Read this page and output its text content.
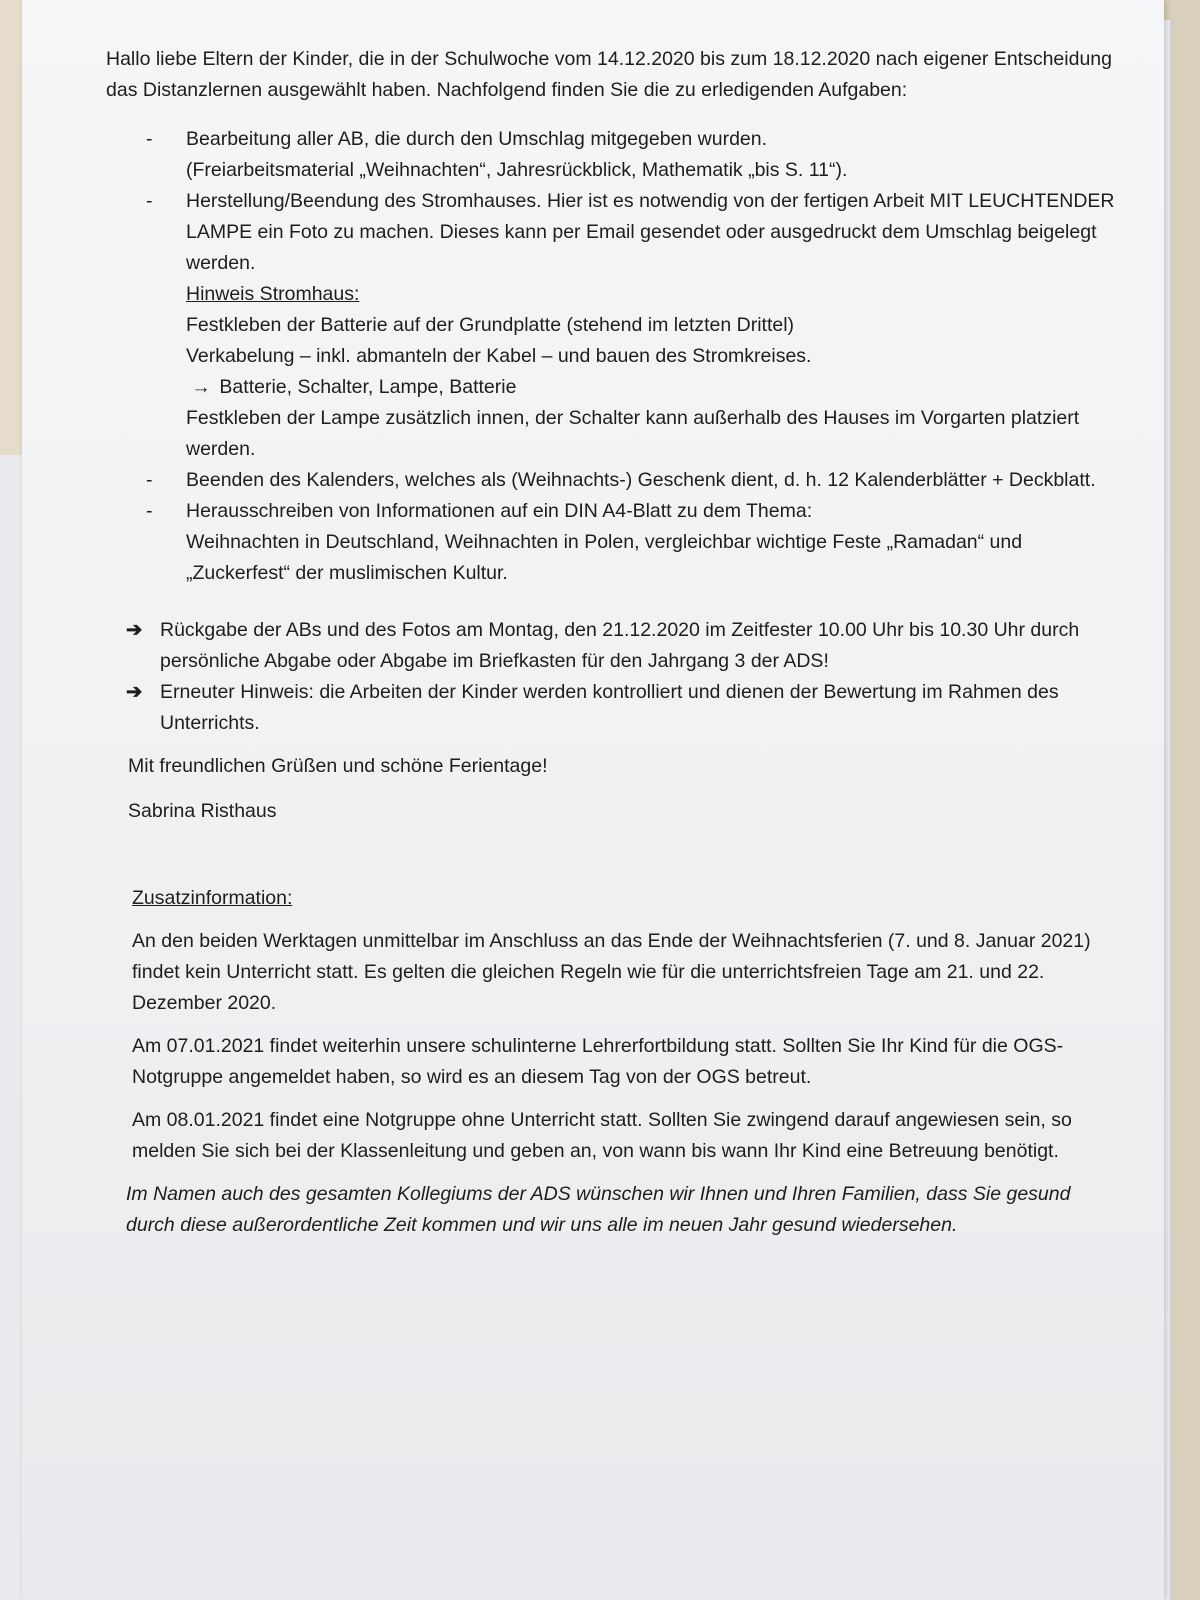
Hallo liebe Eltern der Kinder, die in der Schulwoche vom 14.12.2020 bis zum 18.12.2020 nach eigener Entscheidung das Distanzlernen ausgewählt haben. Nachfolgend finden Sie die zu erledigenden Aufgaben:

- Bearbeitung aller AB, die durch den Umschlag mitgegeben wurden.
(Freiarbeitsmaterial „Weihnachten“, Jahresrückblick, Mathematik „bis S. 11“).
- Herstellung/Beendung des Stromhauses. Hier ist es notwendig von der fertigen Arbeit MIT LEUCHTENDER LAMPE ein Foto zu machen. Dieses kann per Email gesendet oder ausgedruckt dem Umschlag beigelegt werden.
Hinweis Stromhaus:
Festkleben der Batterie auf der Grundplatte (stehend im letzten Drittel)
Verkabelung – inkl. abmanteln der Kabel – und bauen des Stromkreises.
→ Batterie, Schalter, Lampe, Batterie
Festkleben der Lampe zusätzlich innen, der Schalter kann außerhalb des Hauses im Vorgarten platziert werden.
- Beenden des Kalenders, welches als (Weihnachts-) Geschenk dient, d. h. 12 Kalenderblätter + Deckblatt.
- Herausschreiben von Informationen auf ein DIN A4-Blatt zu dem Thema:
Weihnachten in Deutschland, Weihnachten in Polen, vergleichbar wichtige Feste „Ramadan“ und „Zuckerfest“ der muslimischen Kultur.
➔ Rückgabe der ABs und des Fotos am Montag, den 21.12.2020 im Zeitfester 10.00 Uhr bis 10.30 Uhr durch persönliche Abgabe oder Abgabe im Briefkasten für den Jahrgang 3 der ADS!
➔ Erneuter Hinweis: die Arbeiten der Kinder werden kontrolliert und dienen der Bewertung im Rahmen des Unterrichts.

Mit freundlichen Grüßen und schöne Ferientage!

Sabrina Risthaus

Zusatzinformation:

An den beiden Werktagen unmittelbar im Anschluss an das Ende der Weihnachtsferien (7. und 8. Januar 2021) findet kein Unterricht statt. Es gelten die gleichen Regeln wie für die unterrichtsfreien Tage am 21. und 22. Dezember 2020.

Am 07.01.2021 findet weiterhin unsere schulinterne Lehrerfortbildung statt. Sollten Sie Ihr Kind für die OGS-Notgruppe angemeldet haben, so wird es an diesem Tag von der OGS betreut.

Am 08.01.2021 findet eine Notgruppe ohne Unterricht statt. Sollten Sie zwingend darauf angewiesen sein, so melden Sie sich bei der Klassenleitung und geben an, von wann bis wann Ihr Kind eine Betreuung benötigt.

Im Namen auch des gesamten Kollegiums der ADS wünschen wir Ihnen und Ihren Familien, dass Sie gesund durch diese außerordentliche Zeit kommen und wir uns alle im neuen Jahr gesund wiedersehen.
